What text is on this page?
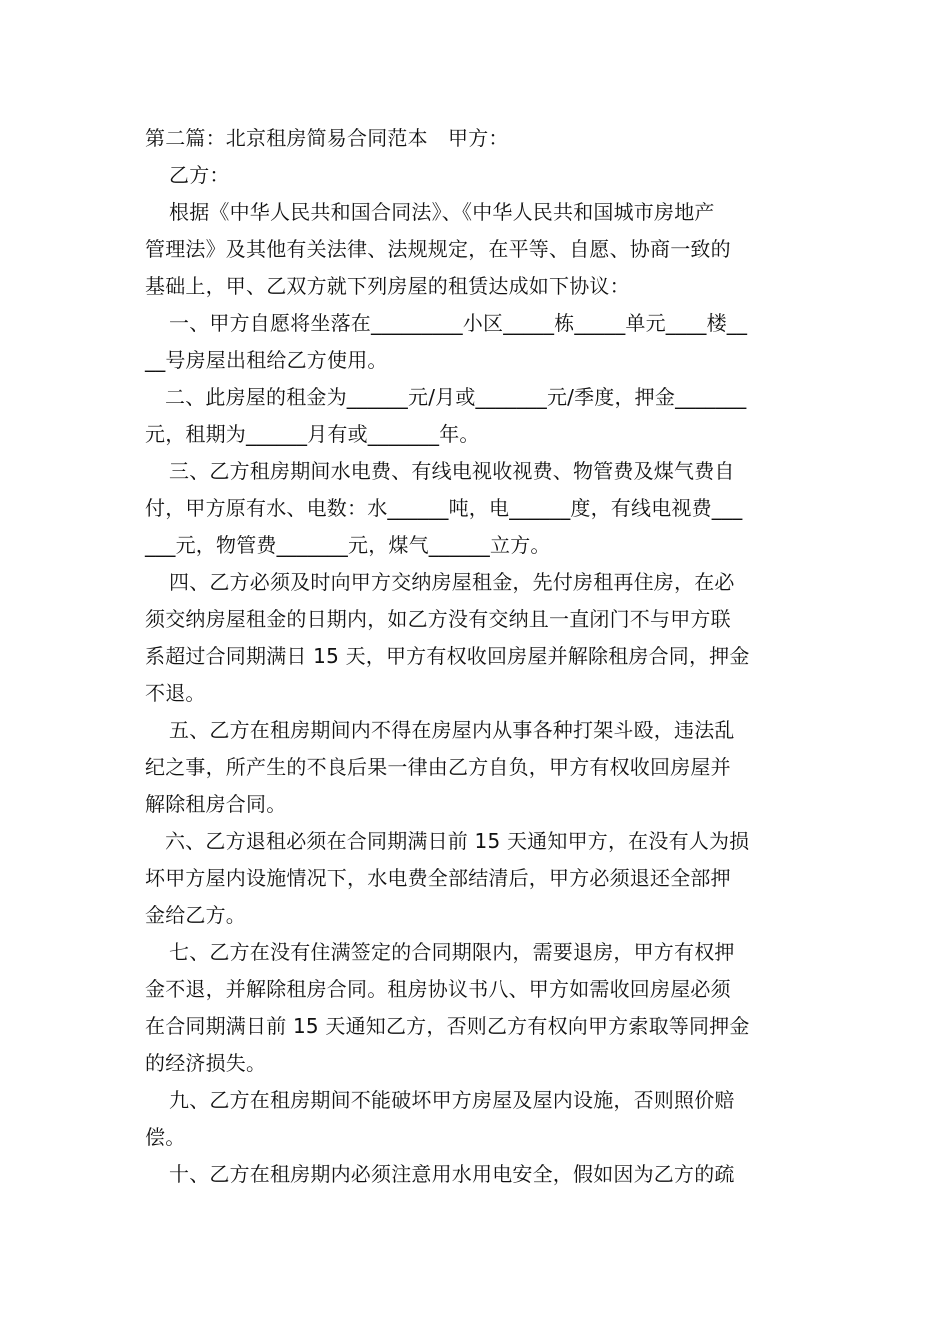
第二篇：北京租房简易合同范本　甲方：
乙方：
根据《中华人民共和国合同法》、《中华人民共和国城市房地产
管理法》及其他有关法律、法规规定，在平等、自愿、协商一致的
基础上，甲、乙双方就下列房屋的租赁达成如下协议：
一、甲方自愿将坐落在_________小区_____栋_____单元____楼__
__号房屋出租给乙方使用。
二、此房屋的租金为______元/月或_______元/季度，押金_______
元，租期为______月有或_______年。
三、乙方租房期间水电费、有线电视收视费、物管费及煤气费自
付，甲方原有水、电数：水______吨，电______度，有线电视费___
___元，物管费_______元，煤气______立方。
四、乙方必须及时向甲方交纳房屋租金，先付房租再住房，在必
须交纳房屋租金的日期内，如乙方没有交纳且一直闭门不与甲方联
系超过合同期满日 15 天，甲方有权收回房屋并解除租房合同，押金
不退。
五、乙方在租房期间内不得在房屋内从事各种打架斗殴，违法乱
纪之事，所产生的不良后果一律由乙方自负，甲方有权收回房屋并
解除租房合同。
六、乙方退租必须在合同期满日前 15 天通知甲方，在没有人为损
坏甲方屋内设施情况下，水电费全部结清后，甲方必须退还全部押
金给乙方。
七、乙方在没有住满签定的合同期限内，需要退房，甲方有权押
金不退，并解除租房合同。租房协议书八、甲方如需收回房屋必须
在合同期满日前 15 天通知乙方，否则乙方有权向甲方索取等同押金
的经济损失。
九、乙方在租房期间不能破坏甲方房屋及屋内设施，否则照价赔
偿。
十、乙方在租房期内必须注意用水用电安全，假如因为乙方的疏
